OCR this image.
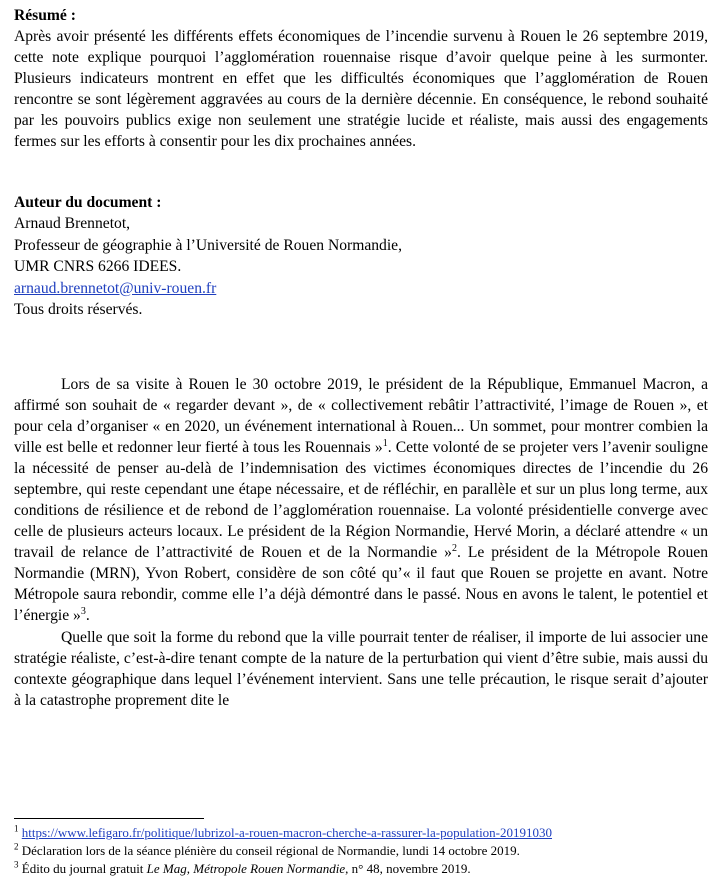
Résumé :

Après avoir présenté les différents effets économiques de l’incendie survenu à Rouen le 26 septembre 2019, cette note explique pourquoi l’agglomération rouennaise risque d’avoir quelque peine à les surmonter. Plusieurs indicateurs montrent en effet que les difficultés économiques que l’agglomération de Rouen rencontre se sont légèrement aggravées au cours de la dernière décennie. En conséquence, le rebond souhaité par les pouvoirs publics exige non seulement une stratégie lucide et réaliste, mais aussi des engagements fermes sur les efforts à consentir pour les dix prochaines années.

Auteur du document :

Arnaud Brennetot,

Professeur de géographie à l’Université de Rouen Normandie,

UMR CNRS 6266 IDEES.

arnaud.brennetot@univ-rouen.fr

Tous droits réservés.

Lors de sa visite à Rouen le 30 octobre 2019, le président de la République, Emmanuel Macron, a affirmé son souhait de « regarder devant », de « collectivement rebâtir l’attractivité, l’image de Rouen », et pour cela d’organiser « en 2020, un événement international à Rouen... Un sommet, pour montrer combien la ville est belle et redonner leur fierté à tous les Rouennais »$^1$. Cette volonté de se projeter vers l’avenir souligne la nécessité de penser au-delà de l’indemnisation des victimes économiques directes de l’incendie du 26 septembre, qui reste cependant une étape nécessaire, et de réfléchir, en parallèle et sur un plus long terme, aux conditions de résilience et de rebond de l’agglomération rouennaise. La volonté présidentielle converge avec celle de plusieurs acteurs locaux. Le président de la Région Normandie, Hervé Morin, a déclaré attendre « un travail de relance de l’attractivité de Rouen et de la Normandie »$^2$. Le président de la Métropole Rouen Normandie (MRN), Yvon Robert, considère de son côté qu’« il faut que Rouen se projette en avant. Notre Métropole saura rebondir, comme elle l’a déjà démontré dans le passé. Nous en avons le talent, le potentiel et l’énergie »$^3$.

Quelle que soit la forme du rebond que la ville pourrait tenter de réaliser, il importe de lui associer une stratégie réaliste, c’est-à-dire tenant compte de la nature de la perturbation qui vient d’être subie, mais aussi du contexte géographique dans lequel l’événement intervient. Sans une telle précaution, le risque serait d’ajouter à la catastrophe proprement dite le

$^1$ https://www.lefigaro.fr/politique/lubrizol-a-rouen-macron-cherche-a-rassurer-la-population-20191030

$^2$ Déclaration lors de la séance plénière du conseil régional de Normandie, lundi 14 octobre 2019.

$^3$ Édito du journal gratuit Le Mag, Métropole Rouen Normandie, n° 48, novembre 2019.
